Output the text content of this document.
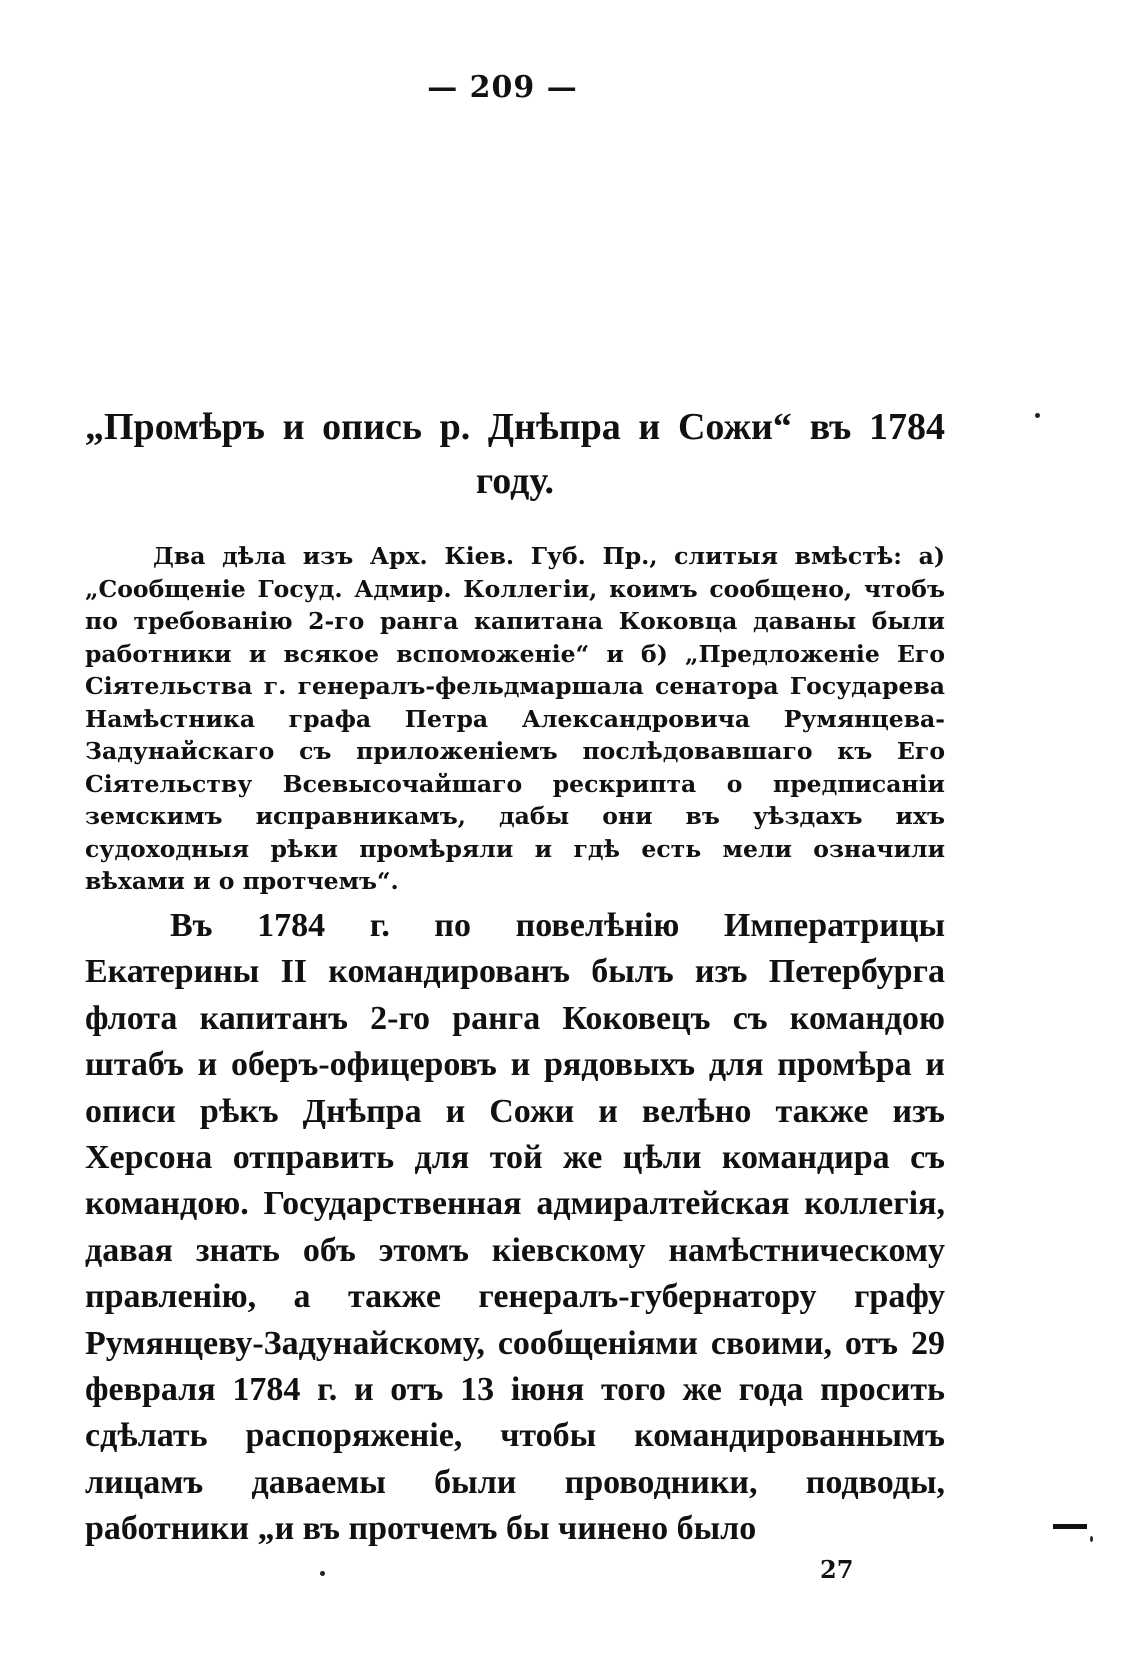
— 209 —
„Промѣръ и опись р. Днѣпра и Сожи“ въ 1784 году.
Два дѣла изъ Арх. Кіев. Губ. Пр., слитыя вмѣстѣ: а) „Сообщеніе Госуд. Адмир. Коллегіи, коимъ сообщено, чтобъ по требованію 2-го ранга капитана Коковца даваны были работники и всякое вспоможеніе“ и б) „Предложеніе Его Сіятельства г. генералъ-фельдмаршала сенатора Государева Намѣстника графа Петра Александровича Румянцева-Задунайскаго съ приложеніемъ послѣдовавшаго къ Его Сіятельству Всевысочайшаго рескрипта о предписаніи земскимъ исправникамъ, дабы они въ уѣздахъ ихъ судоходныя рѣки промѣряли и гдѣ есть мели означили вѣхами и о протчемъ“.
Въ 1784 г. по повелѣнію Императрицы Екатерины II командированъ былъ изъ Петербурга флота капитанъ 2-го ранга Коковецъ съ командою штабъ и оберъ-офицеровъ и рядовыхъ для промѣра и описи рѣкъ Днѣпра и Сожи и велѣно также изъ Херсона отправить для той же цѣли командира съ командою. Государственная адмиралтейская коллегія, давая знать объ этомъ кіевскому намѣстническому правленію, а также генералъ-губернатору графу Румянцеву-Задунайскому, сообщеніями своими, отъ 29 февраля 1784 г. и отъ 13 іюня того же года просить сдѣлать распоряженіе, чтобы командированнымъ лицамъ даваемы были проводники, подводы, работники „и въ протчемъ бы чинено было
27
